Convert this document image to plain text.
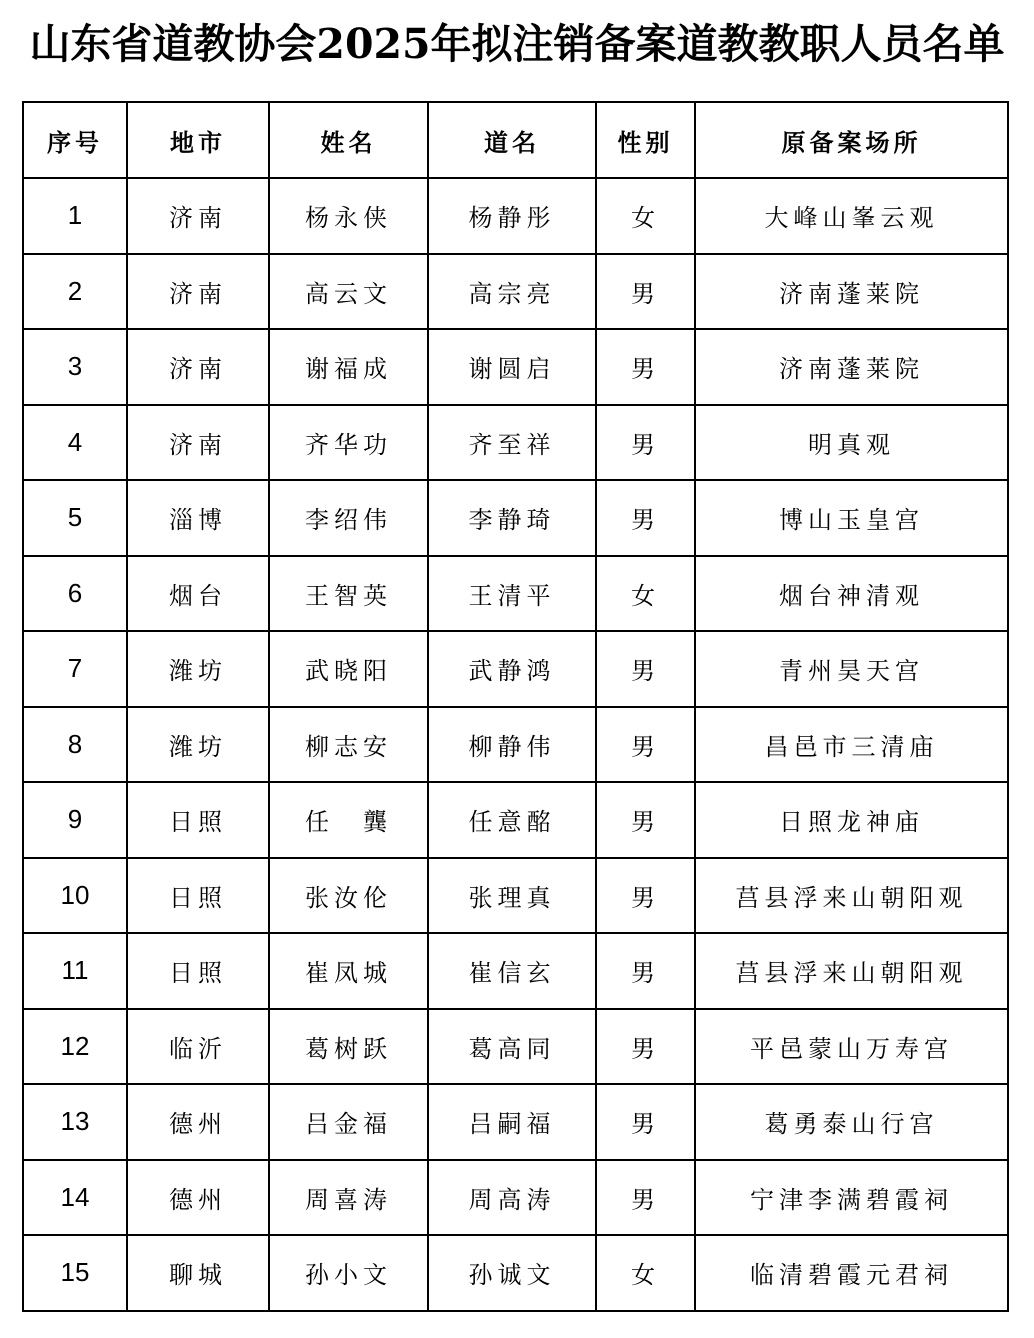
山东省道教协会2025年拟注销备案道教教职人员名单
序号	地市	姓名	道名	性别	原备案场所
1	济南	杨永侠	杨静彤	女	大峰山峯云观
2	济南	高云文	高宗亮	男	济南蓬莱院
3	济南	谢福成	谢圆启	男	济南蓬莱院
4	济南	齐华功	齐至祥	男	明真观
5	淄博	李绍伟	李静琦	男	博山玉皇宫
6	烟台	王智英	王清平	女	烟台神清观
7	潍坊	武晓阳	武静鸿	男	青州昊天宫
8	潍坊	柳志安	柳静伟	男	昌邑市三清庙
9	日照	任　龔	任意酩	男	日照龙神庙
10	日照	张汝伦	张理真	男	莒县浮来山朝阳观
11	日照	崔凤城	崔信玄	男	莒县浮来山朝阳观
12	临沂	葛树跃	葛高同	男	平邑蒙山万寿宫
13	德州	吕金福	吕嗣福	男	葛勇泰山行宫
14	德州	周喜涛	周高涛	男	宁津李满碧霞祠
15	聊城	孙小文	孙诚文	女	临清碧霞元君祠
